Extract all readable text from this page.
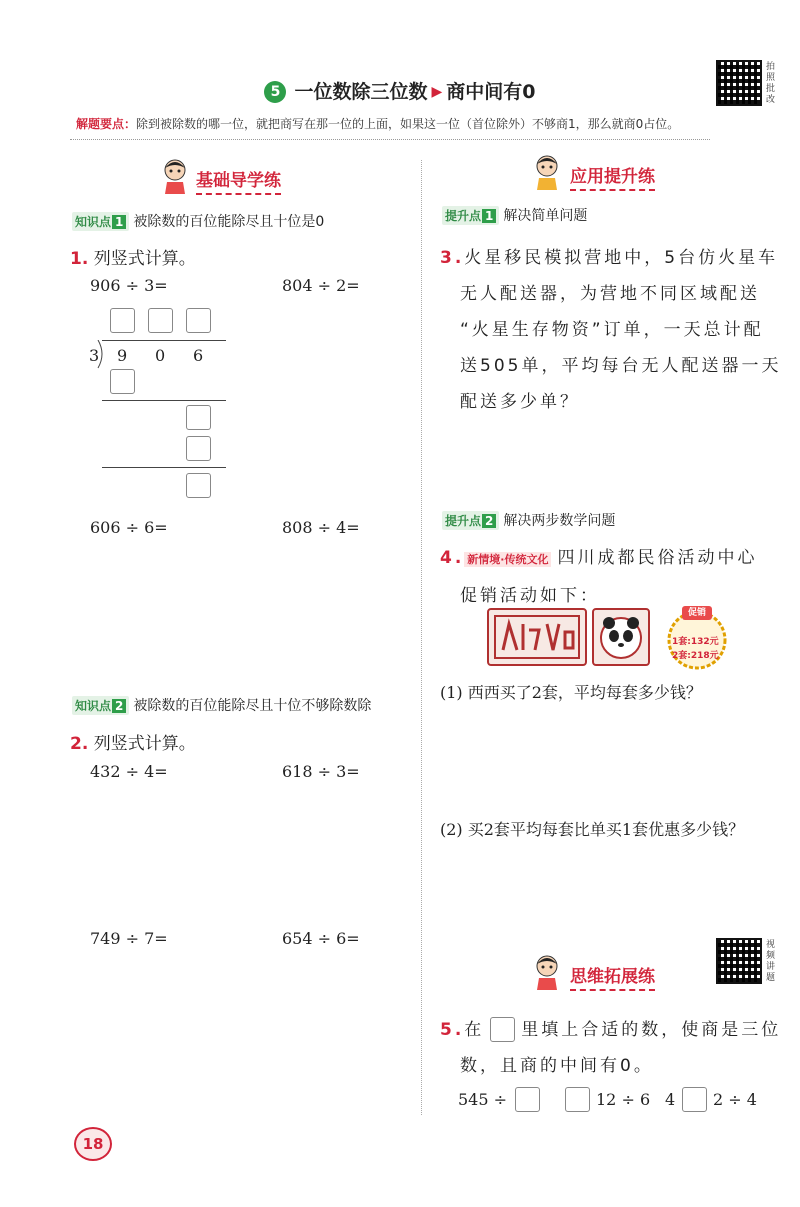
5 一位数除三位数 ▶ 商中间有0
拍照批改
解题要点：除到被除数的哪一位，就把商写在那一位的上面，如果这一位（首位除外）不够商1，那么就商0占位。
基础导学练
知识点 1 被除数的百位能除尽且十位是0
1. 列竖式计算。
906 ÷ 3=	804 ÷ 2=
3 9 0 6
606 ÷ 6=	808 ÷ 4=
知识点 2 被除数的百位能除尽且十位不够除数除
2. 列竖式计算。
432 ÷ 4=	618 ÷ 3=
749 ÷ 7=	654 ÷ 6=
应用提升练
提升点 1 解决简单问题
3.火星移民模拟营地中，5台仿火星车
无人配送器，为营地不同区域配送
“火星生存物资”订单，一天总计配
送505单，平均每台无人配送器一天
配送多少单？
提升点 2 解决两步数学问题
4. 新情境·传统文化 四川成都民俗活动中心
促销活动如下：
促销
1套:132元
2套:218元
(1) 西西买了2套，平均每套多少钱？
(2) 买2套平均每套比单买1套优惠多少钱？
视频讲题
思维拓展练
5.在 里填上合适的数，使商是三位
数，且商的中间有0。
545 ÷	12 ÷ 6 4 2 ÷ 4
18
